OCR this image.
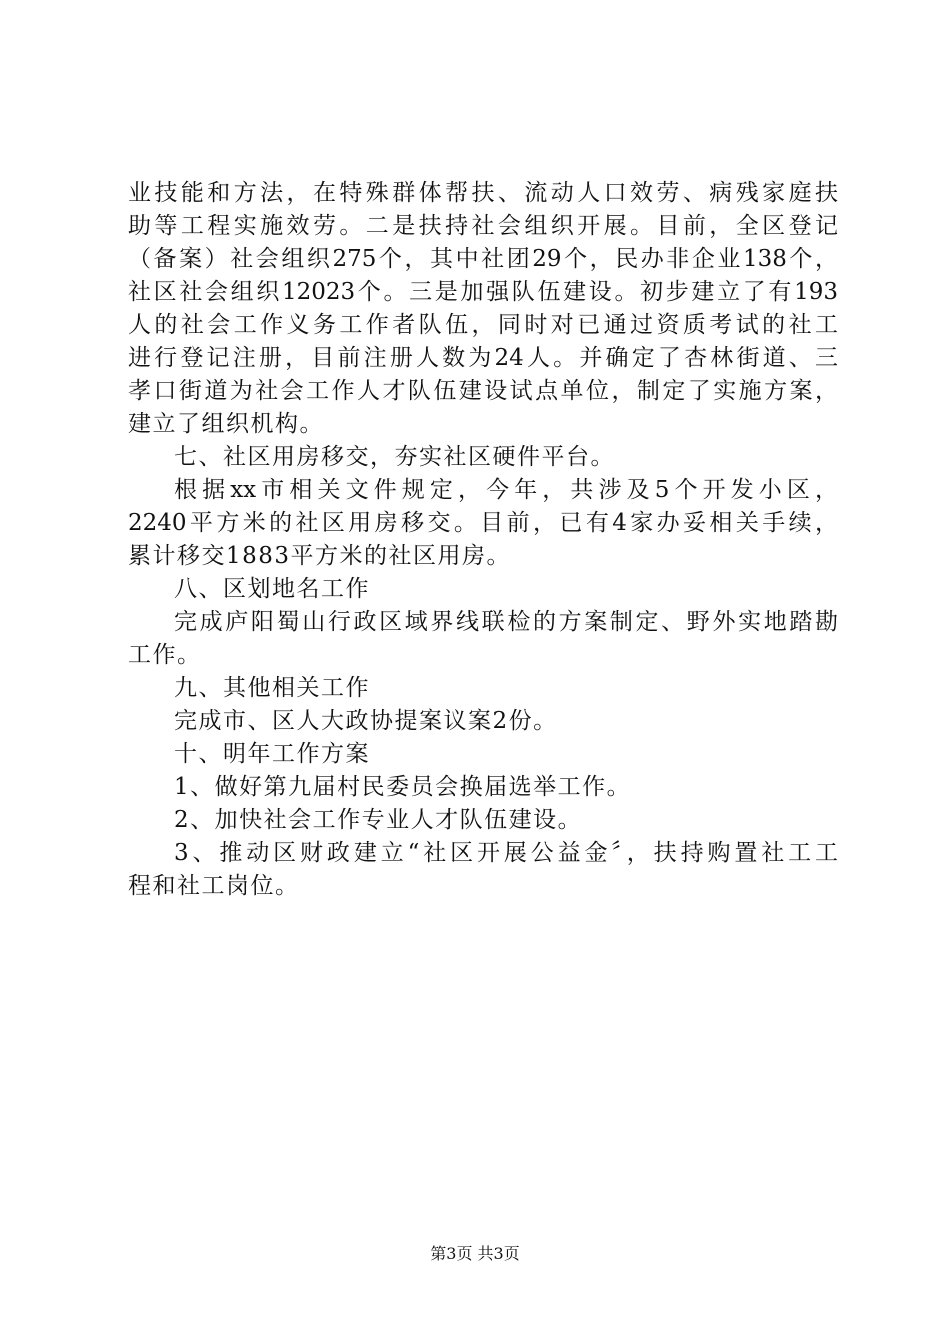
业技能和方法，在特殊群体帮扶、流动人口效劳、病残家庭扶
助等工程实施效劳。二是扶持社会组织开展。目前，全区登记
（备案）社会组织275个，其中社团29个，民办非企业138个，
社区社会组织12023个。三是加强队伍建设。初步建立了有193
人的社会工作义务工作者队伍，同时对已通过资质考试的社工
进行登记注册，目前注册人数为24人。并确定了杏林街道、三
孝口街道为社会工作人才队伍建设试点单位，制定了实施方案，
建立了组织机构。
七、社区用房移交，夯实社区硬件平台。
根据xx市相关文件规定，今年，共涉及5个开发小区，
2240平方米的社区用房移交。目前，已有4家办妥相关手续，
累计移交1883平方米的社区用房。
八、区划地名工作
完成庐阳蜀山行政区域界线联检的方案制定、野外实地踏勘
工作。
九、其他相关工作
完成市、区人大政协提案议案2份。
十、明年工作方案
1、做好第九届村民委员会换届选举工作。
2、加快社会工作专业人才队伍建设。
3、推动区财政建立“社区开展公益金〞，扶持购置社工工
程和社工岗位。
第3页 共3页
